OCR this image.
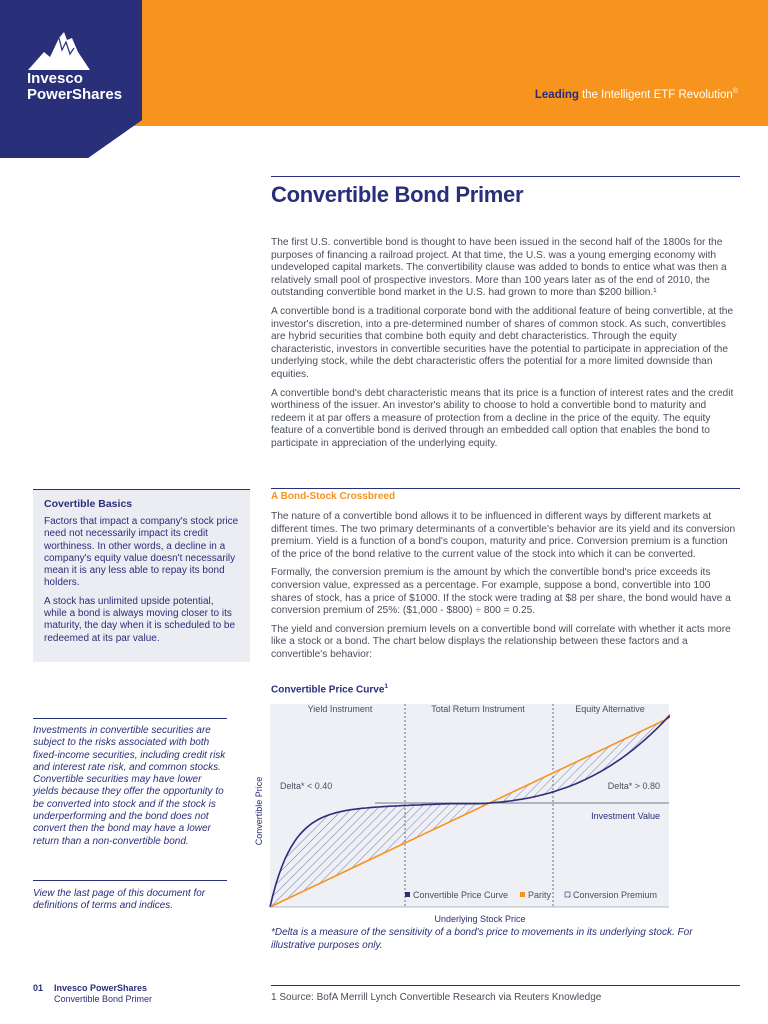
Invesco
PowerShares	Leading the Intelligent ETF Revolution®
Convertible Bond Primer

The first U.S. convertible bond is thought to have been issued in the second half of the 1800s for the purposes of financing a railroad project. At that time, the U.S. was a young emerging economy with undeveloped capital markets. The convertibility clause was added to bonds to entice what was then a relatively small pool of prospective investors. More than 100 years later as of the end of 2010, the outstanding convertible bond market in the U.S. had grown to more than $200 billion.¹

A convertible bond is a traditional corporate bond with the additional feature of being convertible, at the investor's discretion, into a pre-determined number of shares of common stock. As such, convertibles are hybrid securities that combine both equity and debt characteristics. Through the equity characteristic, investors in convertible securities have the potential to participate in appreciation of the underlying stock, while the debt characteristic offers the potential for a more limited downside than equities.

A convertible bond's debt characteristic means that its price is a function of interest rates and the credit worthiness of the issuer. An investor's ability to choose to hold a convertible bond to maturity and redeem it at par offers a measure of protection from a decline in the price of the equity. The equity feature of a convertible bond is derived through an embedded call option that enables the bond to participate in appreciation of the underlying equity.

A Bond-Stock Crossbreed

The nature of a convertible bond allows it to be influenced in different ways by different markets at different times. The two primary determinants of a convertible's behavior are its yield and its conversion premium. Yield is a function of a bond's coupon, maturity and price. Conversion premium is a function of the price of the bond relative to the current value of the stock into which it can be converted.

Formally, the conversion premium is the amount by which the convertible bond's price exceeds its conversion value, expressed as a percentage. For example, suppose a bond, convertible into 100 shares of stock, has a price of $1000. If the stock were trading at $8 per share, the bond would have a conversion premium of 25%: ($1,000 - $800) ÷ 800 = 0.25.

The yield and conversion premium levels on a convertible bond will correlate with whether it acts more like a stock or a bond. The chart below displays the relationship between these factors and a convertible's behavior:

Covertible Basics

Factors that impact a company's stock price need not necessarily impact its credit worthiness. In other words, a decline in a company's equity value doesn't necessarily mean it is any less able to repay its bond holders.

A stock has unlimited upside potential, while a bond is always moving closer to its maturity, the day when it is scheduled to be redeemed at its par value.

Investments in convertible securities are subject to the risks associated with both fixed-income securities, including credit risk and interest rate risk, and common stocks. Convertible securities may have lower yields because they offer the opportunity to be converted into stock and if the stock is underperforming and the bond does not convert then the bond may have a lower return than a non-convertible bond.
View the last page of this document for definitions of terms and indices.
Convertible Price Curve$^1$
Yield Instrument	Total Return Instrument	Equity Alternative
Delta* < 0.40	Delta* > 0.80
Investment Value
Convertible Price
Underlying Stock Price
Convertible Price Curve Parity Conversion Premium
*Delta is a measure of the sensitivity of a bond's price to movements in its underlying stock. For illustrative purposes only.
01 Invesco PowerShares
Convertible Bond Primer	1 Source: BofA Merrill Lynch Convertible Research via Reuters Knowledge
